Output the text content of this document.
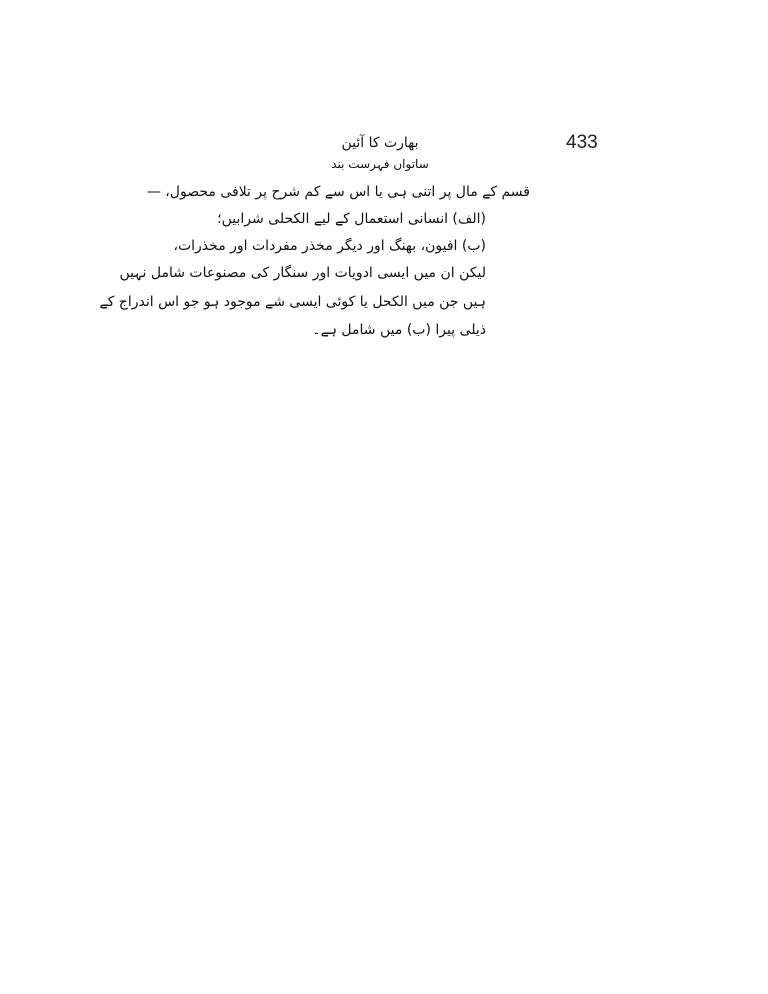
433
بھارت کا آئین
ساتواں فہرست بند
قسم کے مال پر اتنی ہی یا اس سے کم شرح پر تلافی محصول، —
(الف) انسانی استعمال کے لیے الکحلی شرابیں؛
(ب) افیون، بھنگ اور دیگر مخذر مفردات اور مخذرات،
لیکن ان میں ایسی ادویات اور سنگار کی مصنوعات شامل نہیں
ہیں جن میں الکحل یا کوئی ایسی شے موجود ہو جو اس اندراج کے
ذیلی پیرا (ب) میں شامل ہے۔
